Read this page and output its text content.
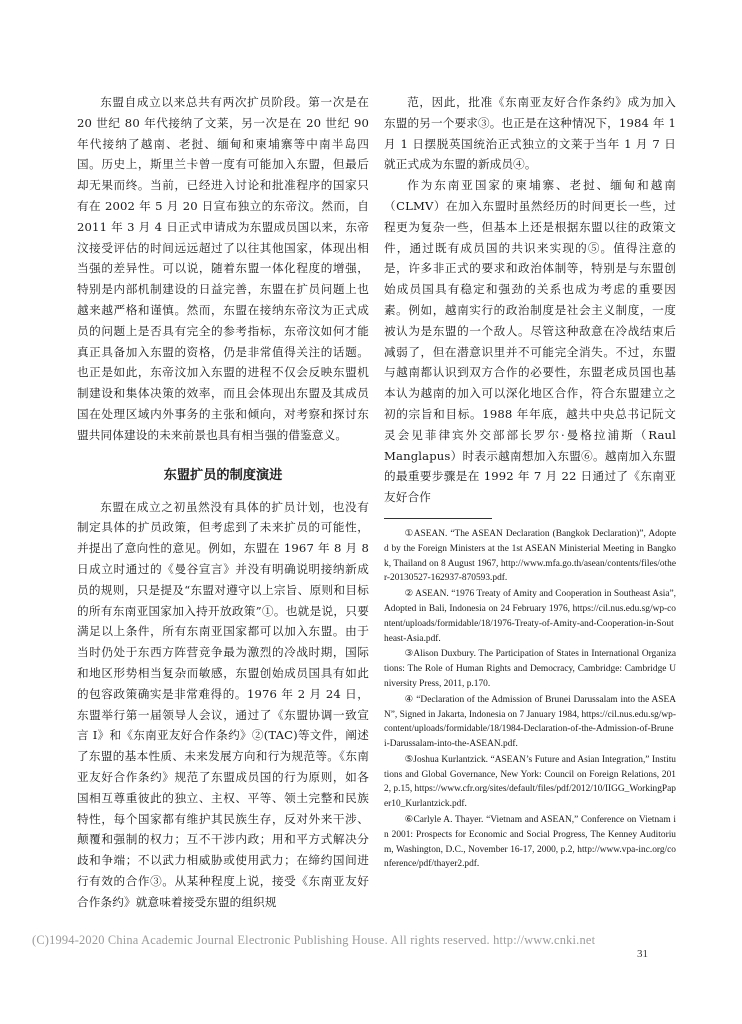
东盟自成立以来总共有两次扩员阶段。第一次是在 20 世纪 80 年代接纳了文莱，另一次是在 20 世纪 90 年代接纳了越南、老挝、缅甸和柬埔寨等中南半岛四国。历史上，斯里兰卡曾一度有可能加入东盟，但最后却无果而终。当前，已经进入讨论和批准程序的国家只有在 2002 年 5 月 20 日宣布独立的东帝汶。然而，自 2011 年 3 月 4 日正式申请成为东盟成员国以来，东帝汶接受评估的时间远远超过了以往其他国家，体现出相当强的差异性。可以说，随着东盟一体化程度的增强，特别是内部机制建设的日益完善，东盟在扩员问题上也越来越严格和谨慎。然而，东盟在接纳东帝汶为正式成员的问题上是否具有完全的参考指标，东帝汶如何才能真正具备加入东盟的资格，仍是非常值得关注的话题。也正是如此，东帝汶加入东盟的进程不仅会反映东盟机制建设和集体决策的效率，而且会体现出东盟及其成员国在处理区域内外事务的主张和倾向，对考察和探讨东盟共同体建设的未来前景也具有相当强的借鉴意义。

东盟扩员的制度演进

东盟在成立之初虽然没有具体的扩员计划，也没有制定具体的扩员政策，但考虑到了未来扩员的可能性，并提出了意向性的意见。例如，东盟在 1967 年 8 月 8 日成立时通过的《曼谷宣言》并没有明确说明接纳新成员的规则，只是提及“东盟对遵守以上宗旨、原则和目标的所有东南亚国家加入持开放政策”①。也就是说，只要满足以上条件，所有东南亚国家都可以加入东盟。由于当时仍处于东西方阵营竞争最为激烈的冷战时期，国际和地区形势相当复杂而敏感，东盟创始成员国具有如此的包容政策确实是非常难得的。1976 年 2 月 24 日，东盟举行第一届领导人会议，通过了《东盟协调一致宣言 I》和《东南亚友好合作条约》②(TAC)等文件，阐述了东盟的基本性质、未来发展方向和行为规范等。《东南亚友好合作条约》规范了东盟成员国的行为原则，如各国相互尊重彼此的独立、主权、平等、领土完整和民族特性，每个国家都有维护其民族生存，反对外来干涉、颠覆和强制的权力；互不干涉内政；用和平方式解决分歧和争端；不以武力相威胁或使用武力；在缔约国间进行有效的合作③。从某种程度上说，接受《东南亚友好合作条约》就意味着接受东盟的组织规

范，因此，批准《东南亚友好合作条约》成为加入东盟的另一个要求③。也正是在这种情况下，1984 年 1 月 1 日摆脱英国统治正式独立的文莱于当年 1 月 7 日就正式成为东盟的新成员④。

作为东南亚国家的柬埔寨、老挝、缅甸和越南（CLMV）在加入东盟时虽然经历的时间更长一些，过程更为复杂一些，但基本上还是根据东盟以往的政策文件，通过既有成员国的共识来实现的⑤。值得注意的是，许多非正式的要求和政治体制等，特别是与东盟创始成员国具有稳定和强劲的关系也成为考虑的重要因素。例如，越南实行的政治制度是社会主义制度，一度被认为是东盟的一个敌人。尽管这种敌意在冷战结束后减弱了，但在潜意识里并不可能完全消失。不过，东盟与越南都认识到双方合作的必要性，东盟老成员国也基本认为越南的加入可以深化地区合作，符合东盟建立之初的宗旨和目标。1988 年年底，越共中央总书记阮文灵会见菲律宾外交部部长罗尔·曼格拉浦斯（Raul Manglapus）时表示越南想加入东盟⑥。越南加入东盟的最重要步骤是在 1992 年 7 月 22 日通过了《东南亚友好合作

①ASEAN. “The ASEAN Declaration (Bangkok Declaration)”, Adopted by the Foreign Ministers at the 1st ASEAN Ministerial Meeting in Bangkok, Thailand on 8 August 1967, http://www.mfa.go.th/asean/contents/files/other-20130527-162937-870593.pdf.

② ASEAN. “1976 Treaty of Amity and Cooperation in Southeast Asia”, Adopted in Bali, Indonesia on 24 February 1976, https://cil.nus.edu.sg/wp-content/uploads/formidable/18/1976-Treaty-of-Amity-and-Cooperation-in-Southeast-Asia.pdf.

③Alison Duxbury. The Participation of States in International Organizations: The Role of Human Rights and Democracy, Cambridge: Cambridge University Press, 2011, p.170.

④ “Declaration of the Admission of Brunei Darussalam into the ASEAN”, Signed in Jakarta, Indonesia on 7 January 1984, https://cil.nus.edu.sg/wp-content/uploads/formidable/18/1984-Declaration-of-the-Admission-of-Brunei-Darussalam-into-the-ASEAN.pdf.

⑤Joshua Kurlantzick. “ASEAN’s Future and Asian Integration,” Institutions and Global Governance, New York: Council on Foreign Relations, 2012, p.15, https://www.cfr.org/sites/default/files/pdf/2012/10/IIGG_WorkingPaper10_Kurlantzick.pdf.

⑥Carlyle A. Thayer. “Vietnam and ASEAN,” Conference on Vietnam in 2001: Prospects for Economic and Social Progress, The Kenney Auditorium, Washington, D.C., November 16-17, 2000, p.2, http://www.vpa-inc.org/conference/pdf/thayer2.pdf.

(C)1994-2020 China Academic Journal Electronic Publishing House. All rights reserved. http://www.cnki.net
31
